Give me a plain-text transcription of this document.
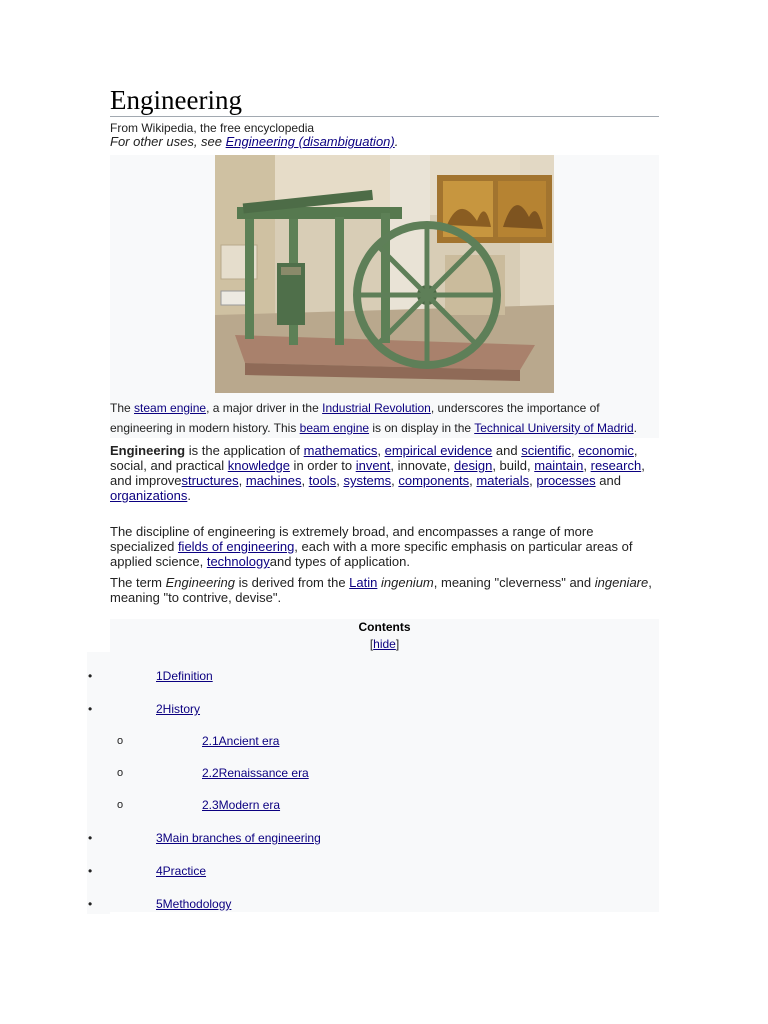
Engineering
From Wikipedia, the free encyclopedia
For other uses, see Engineering (disambiguation).
The steam engine, a major driver in the Industrial Revolution, underscores the importance of engineering in modern history. This beam engine is on display in the Technical University of Madrid.

Engineering is the application of mathematics, empirical evidence and scientific, economic, social, and practical knowledge in order to invent, innovate, design, build, maintain, research, and improvestructures, machines, tools, systems, components, materials, processes and organizations.

The discipline of engineering is extremely broad, and encompasses a range of more specialized fields of engineering, each with a more specific emphasis on particular areas of applied science, technologyand types of application.

The term Engineering is derived from the Latin ingenium, meaning "cleverness" and ingeniare, meaning "to contrive, devise".

Contents
[hide]
•	1Definition
•	2History
o	2.1Ancient era
o	2.2Renaissance era
o	2.3Modern era
•	3Main branches of engineering
•	4Practice
•	5Methodology
